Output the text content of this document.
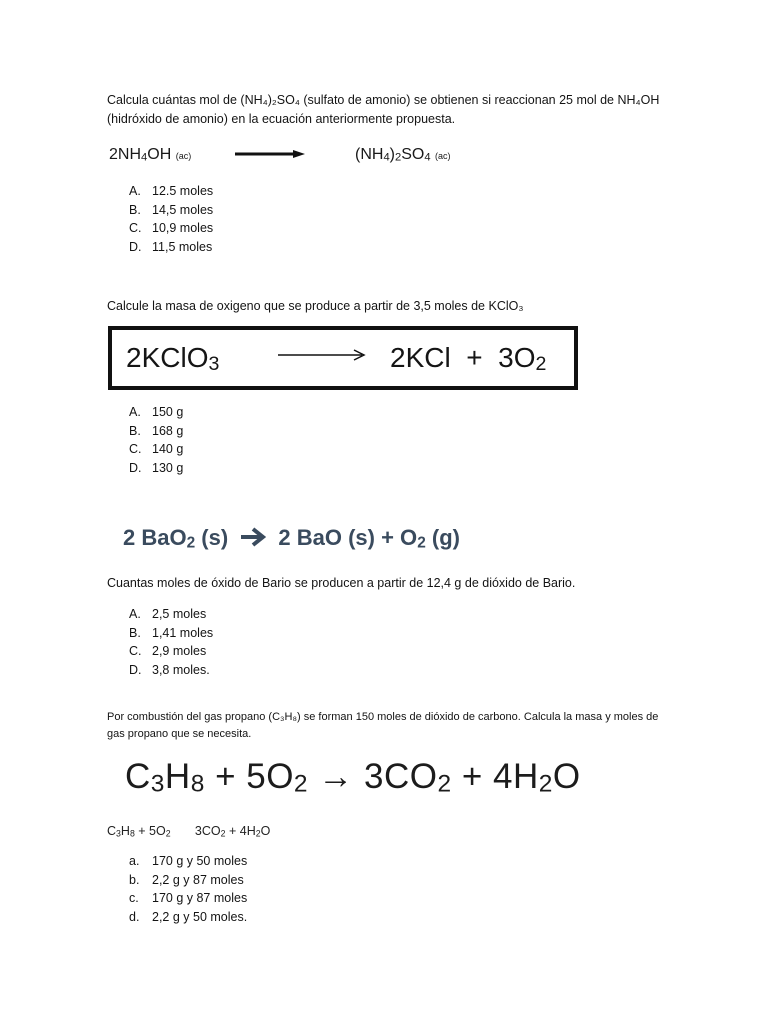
Calcula cuántas mol de (NH₄)₂SO₄ (sulfato de amonio) se obtienen si reaccionan 25 mol de NH₄OH (hidróxido de amonio) en la ecuación anteriormente propuesta.
$2NH_4OH$ (ac)	$(NH_4)_2SO_4$ (ac)
A. 12.5 moles
B. 14,5 moles
C. 10,9 moles
D. 11,5 moles
Calcule la masa de oxigeno que se produce a partir de 3,5 moles de KClO₃
2KClO$_3$ → $2KCl + 3O_2$
A. 150 g
B. 168 g
C. 140 g
D. 130 g
2 BaO$_2$ (s) → 2 BaO $(s) + O_2$ (g)
Cuantas moles de óxido de Bario se producen a partir de 12,4 g de dióxido de Bario.
A. 2,5 moles
B. 1,41 moles
C. 2,9 moles
D. 3,8 moles.
Por combustión del gas propano (C₃H₈) se forman 150 moles de dióxido de carbono. Calcula la masa y moles de gas propano que se necesita.
$C_3H_8 + 5O_2 \to 3CO_2 + 4H_2O$
$C_3H_8 + 5O_2$       $3CO_2 + 4H_2O$
a.	170 g y 50 moles
b.	2,2 g y 87 moles
c.	170 g y 87 moles
d.	2,2 g y 50 moles.
